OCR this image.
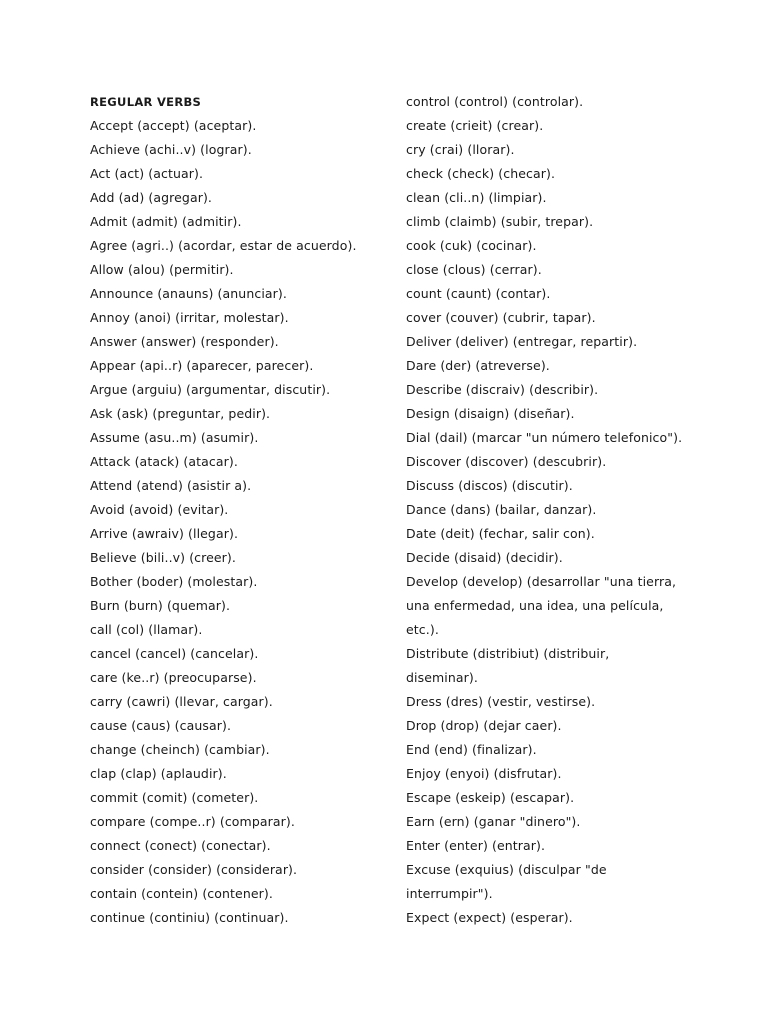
REGULAR VERBS
Accept (accept) (aceptar).
Achieve (achi..v) (lograr).
Act (act) (actuar).
Add (ad) (agregar).
Admit (admit) (admitir).
Agree (agri..) (acordar, estar de acuerdo).
Allow (alou) (permitir).
Announce (anauns) (anunciar).
Annoy (anoi) (irritar, molestar).
Answer (answer) (responder).
Appear (api..r) (aparecer, parecer).
Argue (arguiu) (argumentar, discutir).
Ask (ask) (preguntar, pedir).
Assume (asu..m) (asumir).
Attack (atack) (atacar).
Attend (atend) (asistir a).
Avoid (avoid) (evitar).
Arrive (awraiv) (llegar).
Believe (bili..v) (creer).
Bother (boder) (molestar).
Burn (burn) (quemar).
call (col) (llamar).
cancel (cancel) (cancelar).
care (ke..r) (preocuparse).
carry (cawri) (llevar, cargar).
cause (caus) (causar).
change (cheinch) (cambiar).
clap (clap) (aplaudir).
commit (comit) (cometer).
compare (compe..r) (comparar).
connect (conect) (conectar).
consider (consider) (considerar).
contain (contein) (contener).
continue (continiu) (continuar).
control (control) (controlar).
create (crieit) (crear).
cry (crai) (llorar).
check (check) (checar).
clean (cli..n) (limpiar).
climb (claimb) (subir, trepar).
cook (cuk) (cocinar).
close (clous) (cerrar).
count (caunt) (contar).
cover (couver) (cubrir, tapar).
Deliver (deliver) (entregar, repartir).
Dare (der) (atreverse).
Describe (discraiv) (describir).
Design (disaign) (diseñar).
Dial (dail) (marcar "un número telefonico").
Discover (discover) (descubrir).
Discuss (discos) (discutir).
Dance (dans) (bailar, danzar).
Date (deit) (fechar, salir con).
Decide (disaid) (decidir).
Develop (develop) (desarrollar "una tierra,
una enfermedad, una idea, una película,
etc.).
Distribute (distribiut) (distribuir,
diseminar).
Dress (dres) (vestir, vestirse).
Drop (drop) (dejar caer).
End (end) (finalizar).
Enjoy (enyoi) (disfrutar).
Escape (eskeip) (escapar).
Earn (ern) (ganar "dinero").
Enter (enter) (entrar).
Excuse (exquius) (disculpar "de
interrumpir").
Expect (expect) (esperar).
